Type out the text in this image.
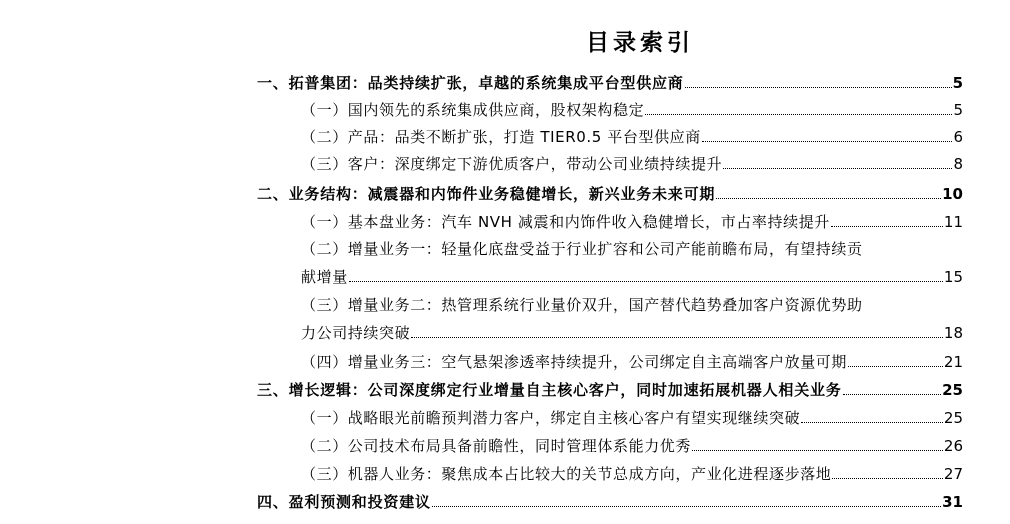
目录索引
一、拓普集团：品类持续扩张，卓越的系统集成平台型供应商	5
（一）国内领先的系统集成供应商，股权架构稳定	5
（二）产品：品类不断扩张，打造 TIER0.5 平台型供应商	6
（三）客户：深度绑定下游优质客户，带动公司业绩持续提升	8
二、业务结构：减震器和内饰件业务稳健增长，新兴业务未来可期	10
（一）基本盘业务：汽车 NVH 减震和内饰件收入稳健增长，市占率持续提升	11
（二）增量业务一：轻量化底盘受益于行业扩容和公司产能前瞻布局，有望持续贡
献增量	15
（三）增量业务二：热管理系统行业量价双升，国产替代趋势叠加客户资源优势助
力公司持续突破	18
（四）增量业务三：空气悬架渗透率持续提升，公司绑定自主高端客户放量可期	21
三、增长逻辑：公司深度绑定行业增量自主核心客户，同时加速拓展机器人相关业务	25
（一）战略眼光前瞻预判潜力客户，绑定自主核心客户有望实现继续突破	25
（二）公司技术布局具备前瞻性，同时管理体系能力优秀	26
（三）机器人业务：聚焦成本占比较大的关节总成方向，产业化进程逐步落地	27
四、盈利预测和投资建议	31
